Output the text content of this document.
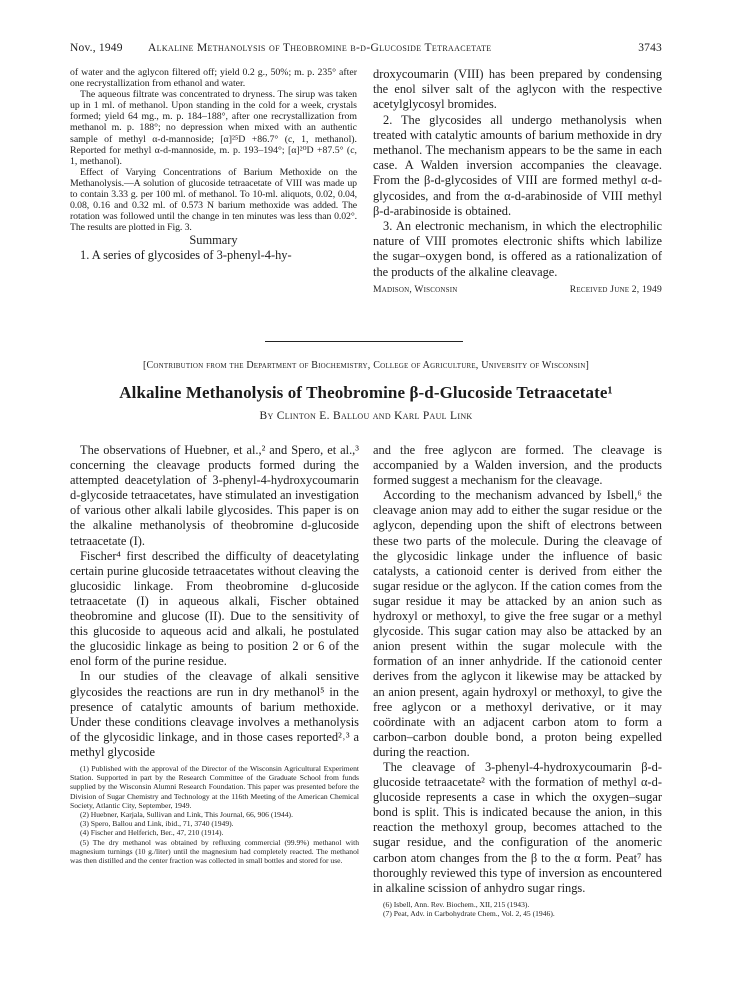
Nov., 1949 Alkaline Methanolysis of Theobromine β-d-Glucoside Tetraacetate	3743

of water and the aglycon filtered off; yield 0.2 g., 50%; m. p. 235° after one recrystallization from ethanol and water.

The aqueous filtrate was concentrated to dryness. The sirup was taken up in 1 ml. of methanol. Upon standing in the cold for a week, crystals formed; yield 64 mg., m. p. 184–188°, after one recrystallization from methanol m. p. 188°; no depression when mixed with an authentic sample of methyl α-d-mannoside; [α]²⁵D +86.7° (c, 1, methanol). Reported for methyl α-d-mannoside, m. p. 193–194°; [α]²⁰D +87.5° (c, 1, methanol).

Effect of Varying Concentrations of Barium Methoxide on the Methanolysis.—A solution of glucoside tetraacetate of VIII was made up to contain 3.33 g. per 100 ml. of methanol. To 10-ml. aliquots, 0.02, 0.04, 0.08, 0.16 and 0.32 ml. of 0.573 N barium methoxide was added. The rotation was followed until the change in ten minutes was less than 0.02°. The results are plotted in Fig. 3.

Summary

1. A series of glycosides of 3-phenyl-4-hy-

droxycoumarin (VIII) has been prepared by condensing the enol silver salt of the aglycon with the respective acetylglycosyl bromides.

2. The glycosides all undergo methanolysis when treated with catalytic amounts of barium methoxide in dry methanol. The mechanism appears to be the same in each case. A Walden inversion accompanies the cleavage. From the β-d-glycosides of VIII are formed methyl α-d-glycosides, and from the α-d-arabinoside of VIII methyl β-d-arabinoside is obtained.

3. An electronic mechanism, in which the electrophilic nature of VIII promotes electronic shifts which labilize the sugar–oxygen bond, is offered as a rationalization of the products of the alkaline cleavage.

Madison, Wisconsin	Received June 2, 1949
[Contribution from the Department of Biochemistry, College of Agriculture, University of Wisconsin]
Alkaline Methanolysis of Theobromine β-d-Glucoside Tetraacetate¹
By Clinton E. Ballou and Karl Paul Link

The observations of Huebner, et al.,² and Spero, et al.,³ concerning the cleavage products formed during the attempted deacetylation of 3-phenyl-4-hydroxycoumarin d-glycoside tetraacetates, have stimulated an investigation of various other alkali labile glycosides. This paper is on the alkaline methanolysis of theobromine d-glucoside tetraacetate (I).

Fischer⁴ first described the difficulty of deacetylating certain purine glucoside tetraacetates without cleaving the glucosidic linkage. From theobromine d-glucoside tetraacetate (I) in aqueous alkali, Fischer obtained theobromine and glucose (II). Due to the sensitivity of this glucoside to aqueous acid and alkali, he postulated the glucosidic linkage as being to position 2 or 6 of the enol form of the purine residue.

In our studies of the cleavage of alkali sensitive glycosides the reactions are run in dry methanol⁵ in the presence of catalytic amounts of barium methoxide. Under these conditions cleavage involves a methanolysis of the glycosidic linkage, and in those cases reported²˒³ a methyl glycoside

(1) Published with the approval of the Director of the Wisconsin Agricultural Experiment Station. Supported in part by the Research Committee of the Graduate School from funds supplied by the Wisconsin Alumni Research Foundation. This paper was presented before the Division of Sugar Chemistry and Technology at the 116th Meeting of the American Chemical Society, Atlantic City, September, 1949.

(2) Huebner, Karjala, Sullivan and Link, This Journal, 66, 906 (1944).

(3) Spero, Ballou and Link, ibid., 71, 3740 (1949).

(4) Fischer and Helferich, Ber., 47, 210 (1914).

(5) The dry methanol was obtained by refluxing commercial (99.9%) methanol with magnesium turnings (10 g./liter) until the magnesium had completely reacted. The methanol was then distilled and the center fraction was collected in small bottles and stored for use.

and the free aglycon are formed. The cleavage is accompanied by a Walden inversion, and the products formed suggest a mechanism for the cleavage.

According to the mechanism advanced by Isbell,⁶ the cleavage anion may add to either the sugar residue or the aglycon, depending upon the shift of electrons between these two parts of the molecule. During the cleavage of the glycosidic linkage under the influence of basic catalysts, a cationoid center is derived from either the sugar residue or the aglycon. If the cation comes from the sugar residue it may be attacked by an anion such as hydroxyl or methoxyl, to give the free sugar or a methyl glycoside. This sugar cation may also be attacked by an anion present within the sugar molecule with the formation of an inner anhydride. If the cationoid center derives from the aglycon it likewise may be attacked by an anion present, again hydroxyl or methoxyl, to give the free aglycon or a methoxyl derivative, or it may coördinate with an adjacent carbon atom to form a carbon–carbon double bond, a proton being expelled during the reaction.

The cleavage of 3-phenyl-4-hydroxycoumarin β-d-glucoside tetraacetate² with the formation of methyl α-d-glucoside represents a case in which the oxygen–sugar bond is split. This is indicated because the anion, in this reaction the methoxyl group, becomes attached to the sugar residue, and the configuration of the anomeric carbon atom changes from the β to the α form. Peat⁷ has thoroughly reviewed this type of inversion as encountered in alkaline scission of anhydro sugar rings.

(6) Isbell, Ann. Rev. Biochem., XII, 215 (1943).

(7) Peat, Adv. in Carbohydrate Chem., Vol. 2, 45 (1946).
